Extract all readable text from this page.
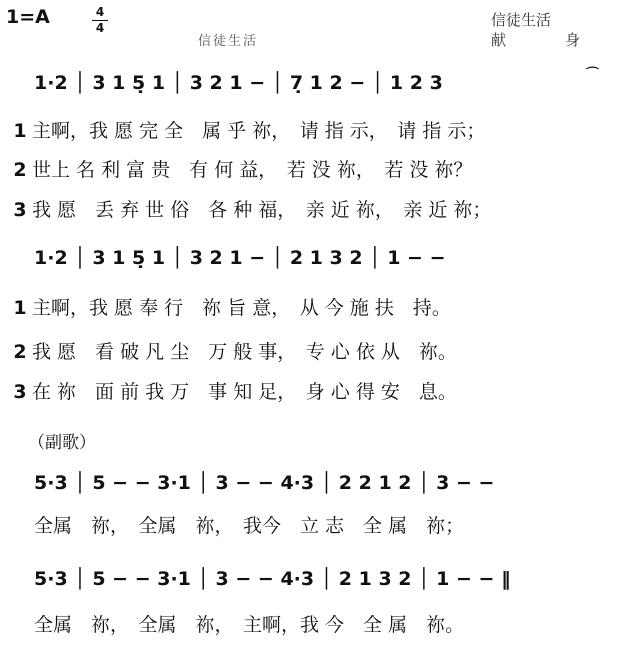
1=A	4
4
信徒生活
信徒生活
献　身
⌒
1·2 │ 3 1 5̣ 1 │ 3 2 1 − │ 7̣ 1 2 − │ 1 2 3
1 主啊，我 愿 完 全　属 乎 祢，　请 指 示，　请 指 示；
2 世上 名 利 富 贵　有 何 益，　若 没 祢，　若 没 祢？
3 我 愿　丢 弃 世 俗　各 种 福，　亲 近 祢，　亲 近 祢；
1·2 │ 3 1 5̣ 1 │ 3 2 1 − │ 2 1 3 2 │ 1 − −
1 主啊，我 愿 奉 行　祢 旨 意，　从 今 施 扶　持。
2 我 愿　看 破 凡 尘　万 般 事，　专 心 依 从　祢。
3 在 祢　面 前 我 万　事 知 足，　身 心 得 安　息。
（副歌）
5·3 │ 5 − − 3·1 │ 3 − − 4·3 │ 2 2 1 2 │ 3 − −
全属　祢，　全属　祢，　我今　立 志　全 属　祢；
5·3 │ 5 − − 3·1 │ 3 − − 4·3 │ 2 1 3 2 │ 1 − − ‖
全属　祢，　全属　祢，　主啊，我 今　全 属　祢。
